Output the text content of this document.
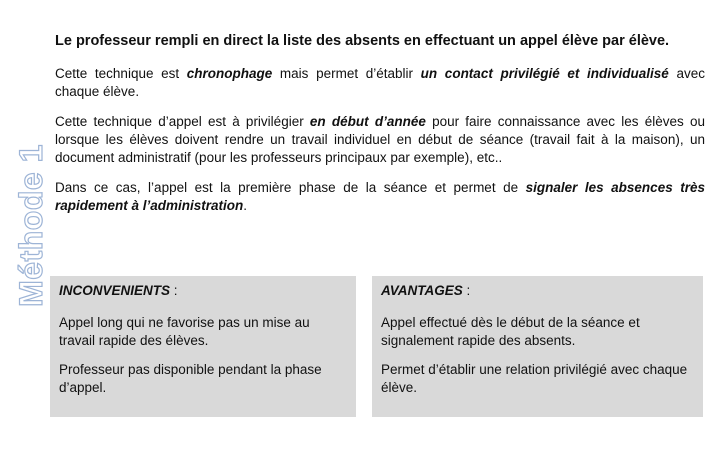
Méthode 1

Le professeur rempli en direct la liste des absents en effectuant un appel élève par élève.

Cette technique est chronophage mais permet d’établir un contact privilégié et individualisé avec chaque élève.

Cette technique d’appel est à privilégier en début d’année pour faire connaissance avec les élèves ou lorsque les élèves doivent rendre un travail individuel en début de séance (travail fait à la maison), un document administratif (pour les professeurs principaux par exemple), etc..

Dans ce cas, l’appel est la première phase de la séance et permet de signaler les absences très rapidement à l’administration.

INCONVENIENTS :

Appel long qui ne favorise pas un mise au travail rapide des élèves.

Professeur pas disponible pendant la phase d’appel.

AVANTAGES :

Appel effectué dès le début de la séance et signalement rapide des absents.

Permet d’établir une relation privilégié avec chaque élève.
